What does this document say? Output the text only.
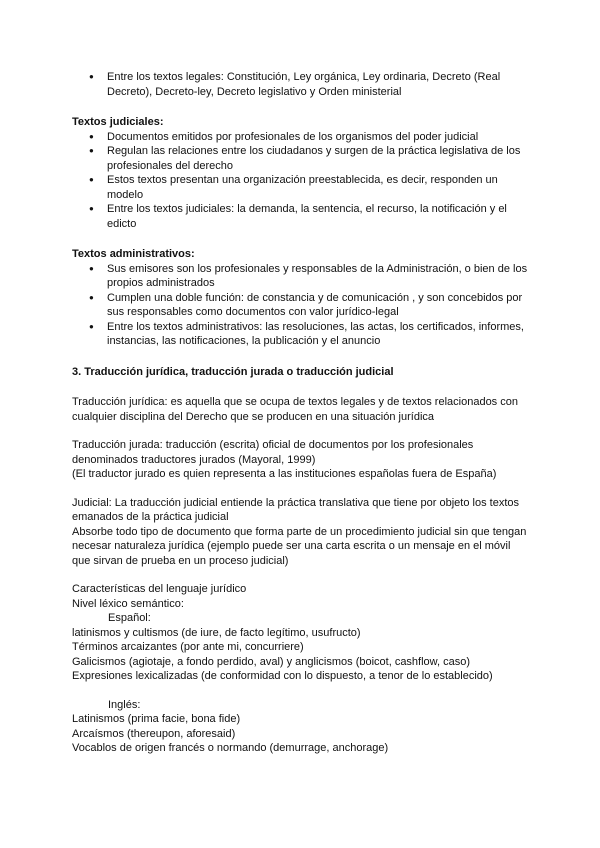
● Entre los textos legales: Constitución, Ley orgánica, Ley ordinaria, Decreto (Real Decreto), Decreto-ley, Decreto legislativo y Orden ministerial
Textos judiciales:
● Documentos emitidos por profesionales de los organismos del poder judicial
● Regulan las relaciones entre los ciudadanos y surgen de la práctica legislativa de los profesionales del derecho
● Estos textos presentan una organización preestablecida, es decir, responden un modelo
● Entre los textos judiciales: la demanda, la sentencia, el recurso, la notificación y el edicto
Textos administrativos:
● Sus emisores son los profesionales y responsables de la Administración, o bien de los propios administrados
● Cumplen una doble función: de constancia y de comunicación , y son concebidos por sus responsables como documentos con valor jurídico-legal
● Entre los textos administrativos: las resoluciones, las actas, los certificados, informes, instancias, las notificaciones, la publicación y el anuncio
3. Traducción jurídica, traducción jurada o traducción judicial

Traducción jurídica: es aquella que se ocupa de textos legales y de textos relacionados con cualquier disciplina del Derecho que se producen en una situación jurídica

Traducción jurada: traducción (escrita) oficial de documentos por los profesionales denominados traductores jurados (Mayoral, 1999)

(El traductor jurado es quien representa a las instituciones españolas fuera de España)

Judicial: La traducción judicial entiende la práctica translativa que tiene por objeto los textos emanados de la práctica judicial

Absorbe todo tipo de documento que forma parte de un procedimiento judicial sin que tengan necesar naturaleza jurídica (ejemplo puede ser una carta escrita o un mensaje en el móvil que sirvan de prueba en un proceso judicial)

Características del lenguaje jurídico

Nivel léxico semántico:

Español:

latinismos y cultismos (de iure, de facto legítimo, usufructo)

Términos arcaizantes (por ante mi, concurriere)

Galicismos (agiotaje, a fondo perdido, aval) y anglicismos (boicot, cashflow, caso)

Expresiones lexicalizadas (de conformidad con lo dispuesto, a tenor de lo establecido)

Inglés:

Latinismos (prima facie, bona fide)

Arcaísmos (thereupon, aforesaid)

Vocablos de origen francés o normando (demurrage, anchorage)
